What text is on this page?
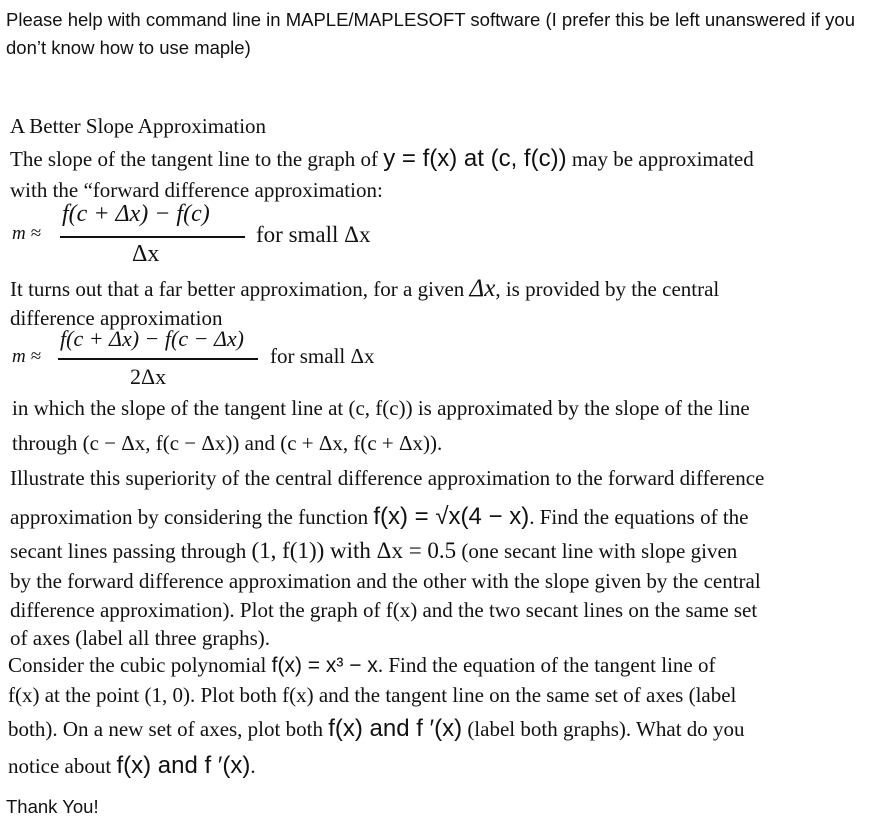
Please help with command line in MAPLE/MAPLESOFT software (I prefer this be left unanswered if you don’t know how to use maple)
A Better Slope Approximation
The slope of the tangent line to the graph of y = f(x) at (c, f(c)) may be approximated
with the “forward difference approximation:
m ≈
f(c + Δx) − f(c)
Δx
for small Δx
It turns out that a far better approximation, for a given Δx, is provided by the central
difference approximation
m ≈
f(c + Δx) − f(c − Δx)
2Δx
for small Δx
in which the slope of the tangent line at (c, f(c)) is approximated by the slope of the line
through (c − Δx, f(c − Δx)) and (c + Δx, f(c + Δx)).
Illustrate this superiority of the central difference approximation to the forward difference
approximation by considering the function f(x) = √x(4 − x). Find the equations of the
secant lines passing through (1, f(1)) with Δx = 0.5 (one secant line with slope given
by the forward difference approximation and the other with the slope given by the central
difference approximation). Plot the graph of f(x) and the two secant lines on the same set
of axes (label all three graphs).
Consider the cubic polynomial f(x) = x³ − x. Find the equation of the tangent line of
f(x) at the point (1, 0). Plot both f(x) and the tangent line on the same set of axes (label
both). On a new set of axes, plot both f(x) and f ′(x) (label both graphs). What do you
notice about f(x) and f ′(x).
Thank You!
